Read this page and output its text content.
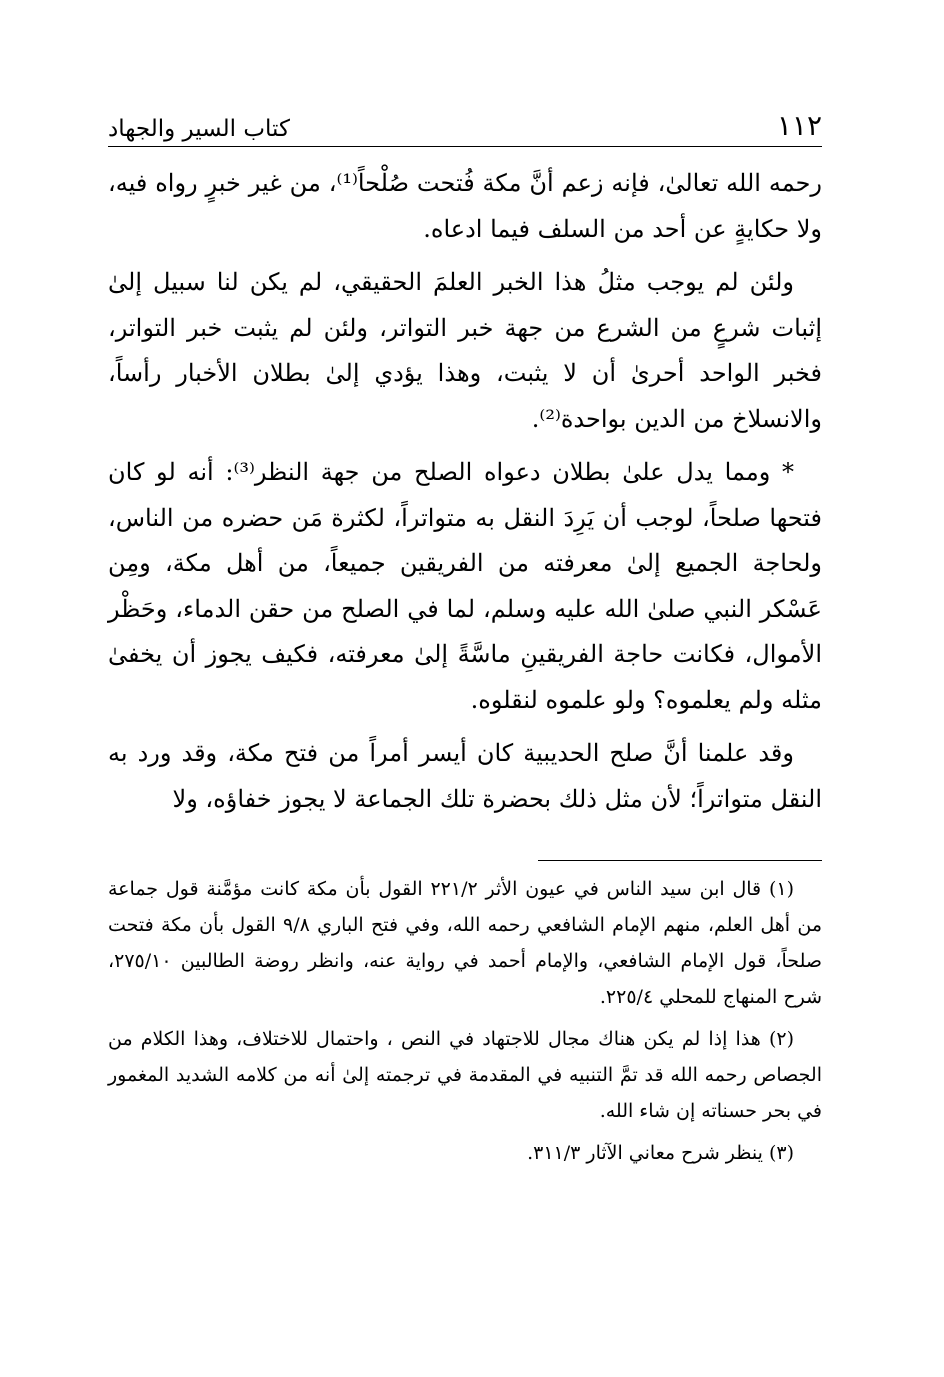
١١٢
كتاب السير والجهاد

رحمه الله تعالىٰ، فإنه زعم أنَّ مكة فُتحت صُلْحاً⁽¹⁾، من غير خبرٍ رواه فيه، ولا حكايةٍ عن أحد من السلف فيما ادعاه.

ولئن لم يوجب مثلُ هذا الخبر العلمَ الحقيقي، لم يكن لنا سبيل إلىٰ إثبات شرعٍ من الشرع من جهة خبر التواتر، ولئن لم يثبت خبر التواتر، فخبر الواحد أحرىٰ أن لا يثبت، وهذا يؤدي إلىٰ بطلان الأخبار رأساً، والانسلاخ من الدين بواحدة⁽²⁾.

* ومما يدل علىٰ بطلان دعواه الصلح من جهة النظر⁽³⁾: أنه لو كان فتحها صلحاً، لوجب أن يَرِدَ النقل به متواتراً، لكثرة مَن حضره من الناس، ولحاجة الجميع إلىٰ معرفته من الفريقين جميعاً، من أهل مكة، ومِن عَسْكر النبي صلىٰ الله عليه وسلم، لما في الصلح من حقن الدماء، وحَظْر الأموال، فكانت حاجة الفريقينِ ماسَّةً إلىٰ معرفته، فكيف يجوز أن يخفىٰ مثله ولم يعلموه؟ ولو علموه لنقلوه.

وقد علمنا أنَّ صلح الحديبية كان أيسر أمراً من فتح مكة، وقد ورد به النقل متواتراً؛ لأن مثل ذلك بحضرة تلك الجماعة لا يجوز خفاؤه، ولا

(١) قال ابن سيد الناس في عيون الأثر ٢٢١/٢ القول بأن مكة كانت مؤمَّنة قول جماعة من أهل العلم، منهم الإمام الشافعي رحمه الله، وفي فتح الباري ٩/٨ القول بأن مكة فتحت صلحاً، قول الإمام الشافعي، والإمام أحمد في رواية عنه، وانظر روضة الطالبين ٢٧٥/١٠، شرح المنهاج للمحلي ٢٢٥/٤.

(٢) هذا إذا لم يكن هناك مجال للاجتهاد في النص ، واحتمال للاختلاف، وهذا الكلام من الجصاص رحمه الله قد تمَّ التنبيه في المقدمة في ترجمته إلىٰ أنه من كلامه الشديد المغمور في بحر حسناته إن شاء الله.

(٣) ينظر شرح معاني الآثار ٣١١/٣.
